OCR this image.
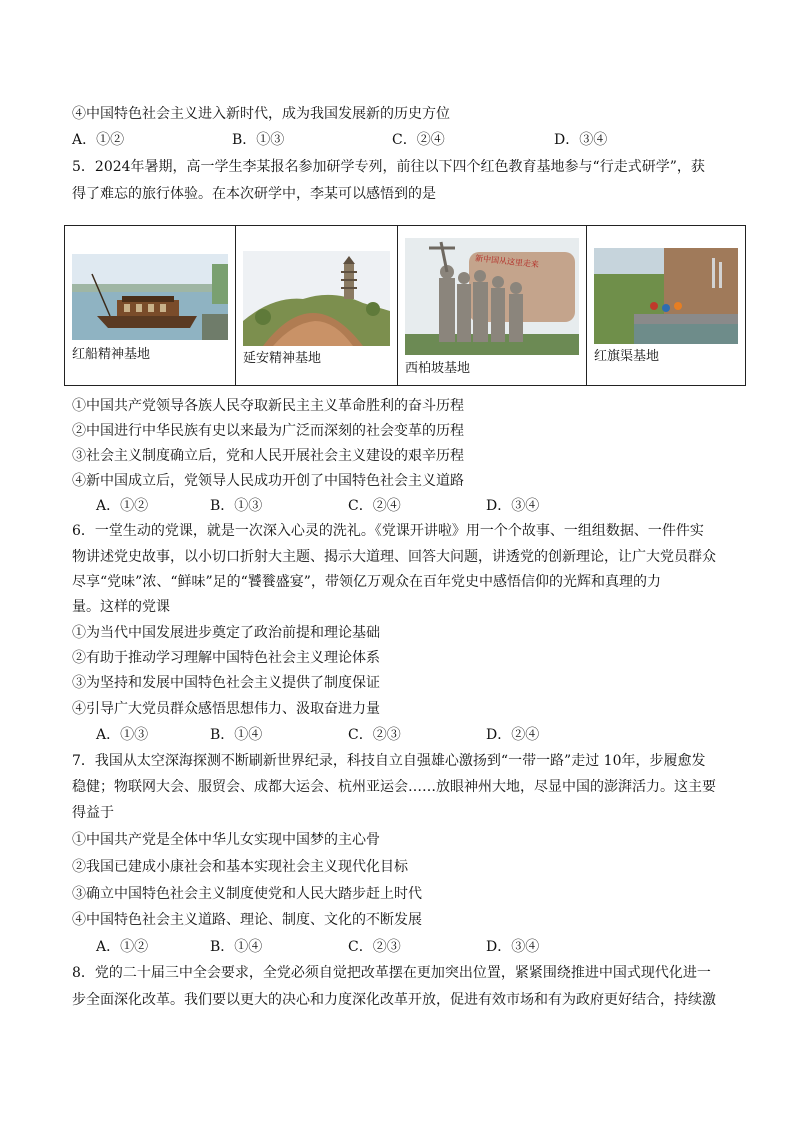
④中国特色社会主义进入新时代，成为我国发展新的历史方位
A．①②	B．①③	C．②④	D．③④
5．2024年暑期，高一学生李某报名参加研学专列，前往以下四个红色教育基地参与“行走式研学”，获
得了难忘的旅行体验。在本次研学中，李某可以感悟到的是
红船精神基地	延安精神基地
新中国从这里走来
西柏坡基地
红旗渠基地
①中国共产党领导各族人民夺取新民主主义革命胜利的奋斗历程
②中国进行中华民族有史以来最为广泛而深刻的社会变革的历程
③社会主义制度确立后，党和人民开展社会主义建设的艰辛历程
④新中国成立后，党领导人民成功开创了中国特色社会主义道路
A．①②	B．①③	C．②④	D．③④
6．一堂生动的党课，就是一次深入心灵的洗礼。《党课开讲啦》用一个个故事、一组组数据、一件件实
物讲述党史故事，以小切口折射大主题、揭示大道理、回答大问题，讲透党的创新理论，让广大党员群众
尽享“党味”浓、“鲜味”足的“饕餮盛宴”，带领亿万观众在百年党史中感悟信仰的光辉和真理的力
量。这样的党课
①为当代中国发展进步奠定了政治前提和理论基础
②有助于推动学习理解中国特色社会主义理论体系
③为坚持和发展中国特色社会主义提供了制度保证
④引导广大党员群众感悟思想伟力、汲取奋进力量
A．①③	B．①④	C．②③	D．②④
7．我国从太空深海探测不断刷新世界纪录，科技自立自强雄心激扬到“一带一路”走过 10年，步履愈发
稳健；物联网大会、服贸会、成都大运会、杭州亚运会……放眼神州大地，尽显中国的澎湃活力。这主要
得益于
①中国共产党是全体中华儿女实现中国梦的主心骨
②我国已建成小康社会和基本实现社会主义现代化目标
③确立中国特色社会主义制度使党和人民大踏步赶上时代
④中国特色社会主义道路、理论、制度、文化的不断发展
A．①②	B．①④	C．②③	D．③④
8．党的二十届三中全会要求，全党必须自觉把改革摆在更加突出位置，紧紧围绕推进中国式现代化进一
步全面深化改革。我们要以更大的决心和力度深化改革开放，促进有效市场和有为政府更好结合，持续激
